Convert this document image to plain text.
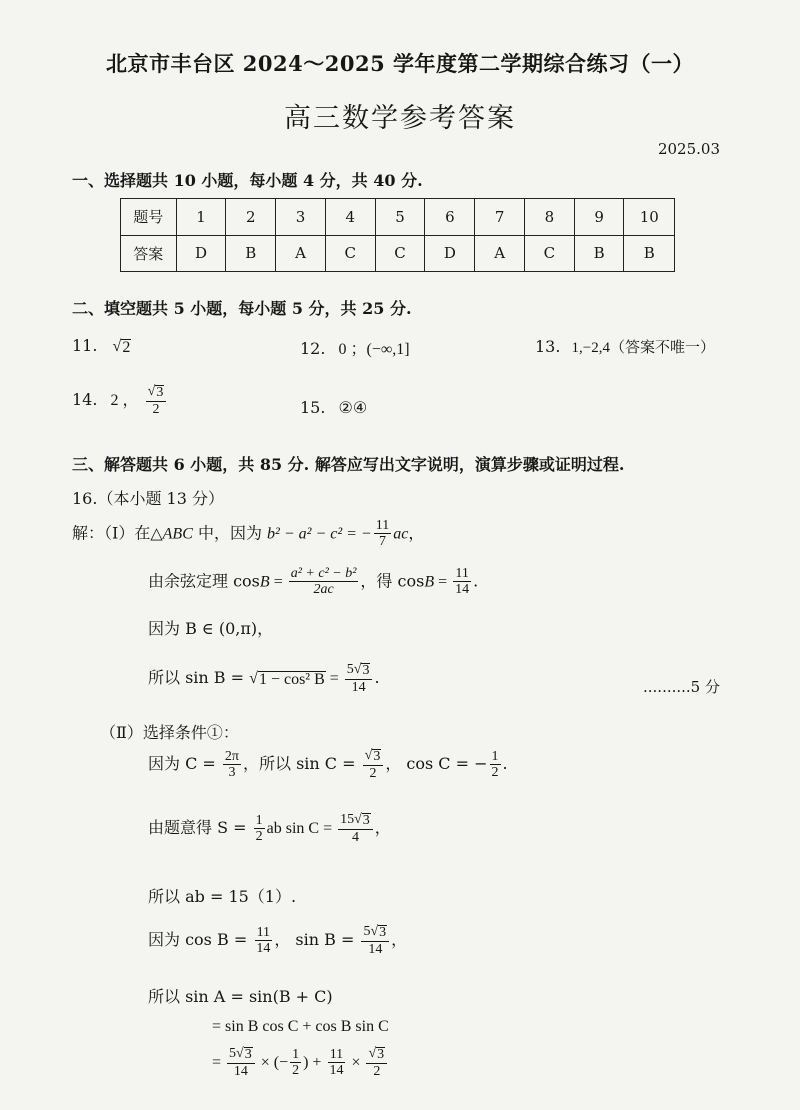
北京市丰台区 2024～2025 学年度第二学期综合练习（一）
高三数学参考答案
2025.03
一、选择题共 10 小题，每小题 4 分，共 40 分.
题号	1	2	3	4	5	6	7	8	9	10
答案	D	B	A	C	C	D	A	C	B	B
二、填空题共 5 小题，每小题 5 分，共 25 分.
11. √ 2	12. 0 ；(−∞,1]	13. 1,−2,4（答案不唯一）
14. 2 ， $\frac{√ 3}{2}$	15. ②④
三、解答题共 6 小题，共 85 分. 解答应写出文字说明，演算步骤或证明过程.
16.（本小题 13 分）
解：（Ⅰ）在△ABC 中，因为 b² − a² − c² = − $\frac{11}{7}$ ac，
由余弦定理 $\cos B = \frac{\text{a² + c² − b²}}{2ac}$ ，得 $\cos B = \frac{11}{14}$ .
因为 B ∈ (0,π)，
所以 sin B = √ 1 − cos² $B = \frac{5 √ 3}{14}$ .	..........5 分
（Ⅱ）选择条件①：
因为 $C = \frac{2\pi}{3}$ ，所以 $\sin C = \frac{√ 3}{2}$ ， cos C = − $\frac{1}{2}$ .
由题意得 $S = \frac{1}{2}$ ab $\sin C = \frac{15 √ 3}{4}$ ，
所以 ab = 15（1）.
因为 $\cos B = \frac{11}{14}$ ， $\sin B = \frac{5 √ 3}{14}$ ，
所以 sin A = sin(B + C)
= sin B cos C + cos B sin C
= $\frac{5 √ 3}{14}$ × (− $\frac{1}{2}$ ) + $\frac{11}{14} \times \frac{√ 3}{2}$
